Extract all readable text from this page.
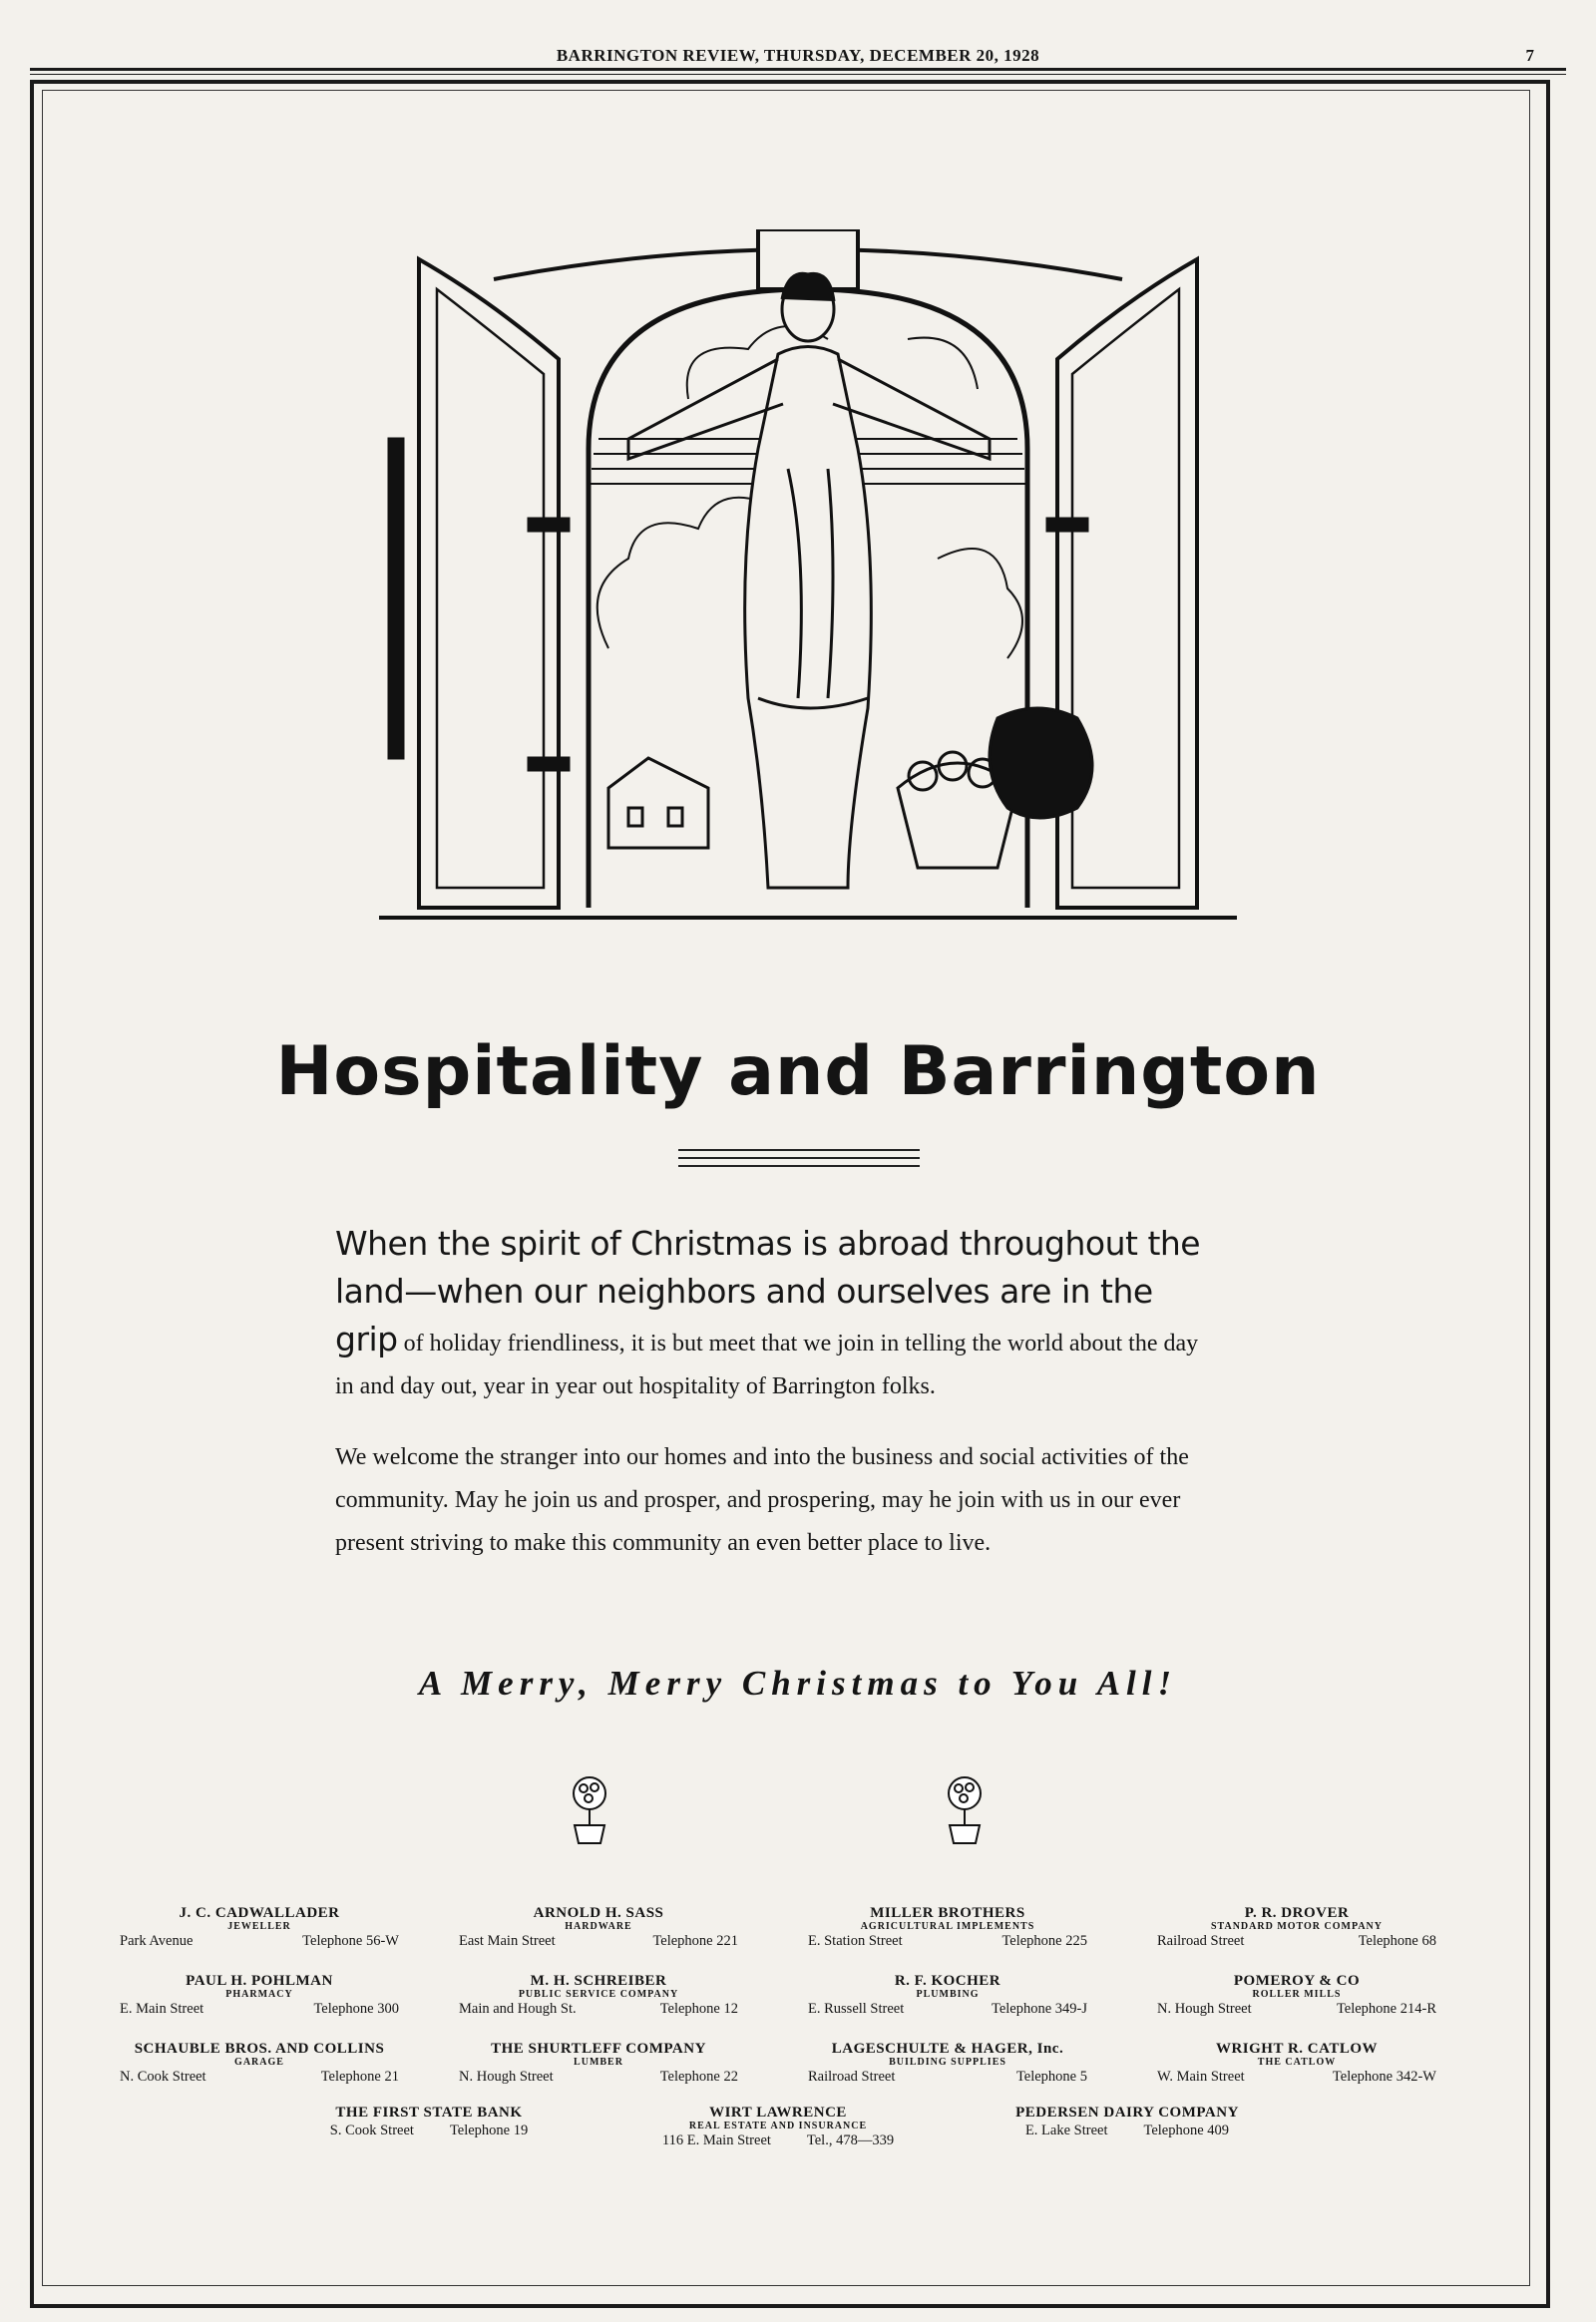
BARRINGTON REVIEW, THURSDAY, DECEMBER 20, 1928	7
Hospitality and Barrington
When the spirit of Christmas is abroad throughout the land—when our neighbors and ourselves are in the grip of holiday friendliness, it is but meet that we join in telling the world about the day in and day out, year in year out hospitality of Barrington folks.
We welcome the stranger into our homes and into the business and social activities of the community. May he join us and prosper, and prospering, may he join with us in our ever present striving to make this community an even better place to live.
A Merry, Merry Christmas to You All!
J. C. CADWALLADER
JEWELLER
Park Avenue	Telephone 56-W
ARNOLD H. SASS
HARDWARE
East Main Street	Telephone 221
MILLER BROTHERS
AGRICULTURAL IMPLEMENTS
E. Station Street	Telephone 225
P. R. DROVER
STANDARD MOTOR COMPANY
Railroad Street	Telephone 68
PAUL H. POHLMAN
PHARMACY
E. Main Street	Telephone 300
M. H. SCHREIBER
PUBLIC SERVICE COMPANY
Main and Hough St.	Telephone 12
R. F. KOCHER
PLUMBING
E. Russell Street	Telephone 349-J
POMEROY & CO
ROLLER MILLS
N. Hough Street	Telephone 214-R
SCHAUBLE BROS. AND COLLINS
GARAGE
N. Cook Street	Telephone 21
THE SHURTLEFF COMPANY
LUMBER
N. Hough Street	Telephone 22
LAGESCHULTE & HAGER, Inc.
BUILDING SUPPLIES
Railroad Street	Telephone 5
WRIGHT R. CATLOW
THE CATLOW
W. Main Street	Telephone 342-W
THE FIRST STATE BANK
S. Cook Street Telephone 19
WIRT LAWRENCE
REAL ESTATE AND INSURANCE
116 E. Main Street Tel., 478—339
PEDERSEN DAIRY COMPANY
E. Lake Street Telephone 409
